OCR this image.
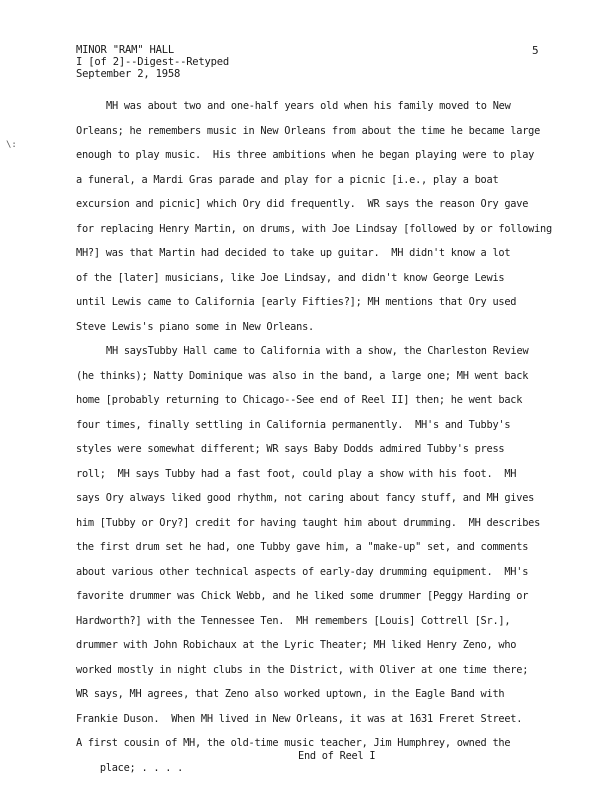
MINOR "RAM" HALL
I [of 2]--Digest--Retyped
September 2, 1958
5
\:
MH was about two and one-half years old when his family moved to New
Orleans; he remembers music in New Orleans from about the time he became large
enough to play music.  His three ambitions when he began playing were to play
a funeral, a Mardi Gras parade and play for a picnic [i.e., play a boat
excursion and picnic] which Ory did frequently.  WR says the reason Ory gave
for replacing Henry Martin, on drums, with Joe Lindsay [followed by or following
MH?] was that Martin had decided to take up guitar.  MH didn't know a lot
of the [later] musicians, like Joe Lindsay, and didn't know George Lewis
until Lewis came to California [early Fifties?]; MH mentions that Ory used
Steve Lewis's piano some in New Orleans.
MH saysTubby Hall came to California with a show, the Charleston Review
(he thinks); Natty Dominique was also in the band, a large one; MH went back
home [probably returning to Chicago--See end of Reel II] then; he went back
four times, finally settling in California permanently.  MH's and Tubby's
styles were somewhat different; WR says Baby Dodds admired Tubby's press
roll;  MH says Tubby had a fast foot, could play a show with his foot.  MH
says Ory always liked good rhythm, not caring about fancy stuff, and MH gives
him [Tubby or Ory?] credit for having taught him about drumming.  MH describes
the first drum set he had, one Tubby gave him, a "make-up" set, and comments
about various other technical aspects of early-day drumming equipment.  MH's
favorite drummer was Chick Webb, and he liked some drummer [Peggy Harding or
Hardworth?] with the Tennessee Ten.  MH remembers [Louis] Cottrell [Sr.],
drummer with John Robichaux at the Lyric Theater; MH liked Henry Zeno, who
worked mostly in night clubs in the District, with Oliver at one time there;
WR says, MH agrees, that Zeno also worked uptown, in the Eagle Band with
Frankie Duson.  When MH lived in New Orleans, it was at 1631 Freret Street.
A first cousin of MH, the old-time music teacher, Jim Humphrey, owned the

place; . . . .

End of Reel I
